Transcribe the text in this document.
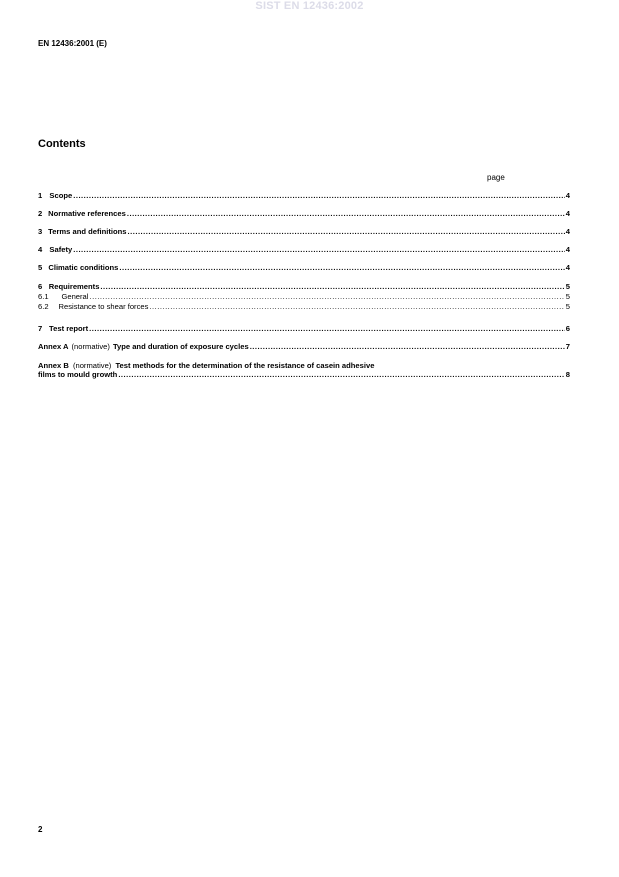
SIST EN 12436:2002
EN 12436:2001 (E)
Contents
page
1 Scope .....	4
2 Normative references .....	4
3 Terms and definitions .....	4
4 Safety .....	4
5 Climatic conditions .....	4
6 Requirements .....	5
6.1	General .....	5
6.2	Resistance to shear forces .....	5
7 Test report .....	6
Annex A (normative) Type and duration of exposure cycles .....	7
Annex B (normative) Test methods for the determination of the resistance of casein adhesive
films to mould growth .....	8
2
